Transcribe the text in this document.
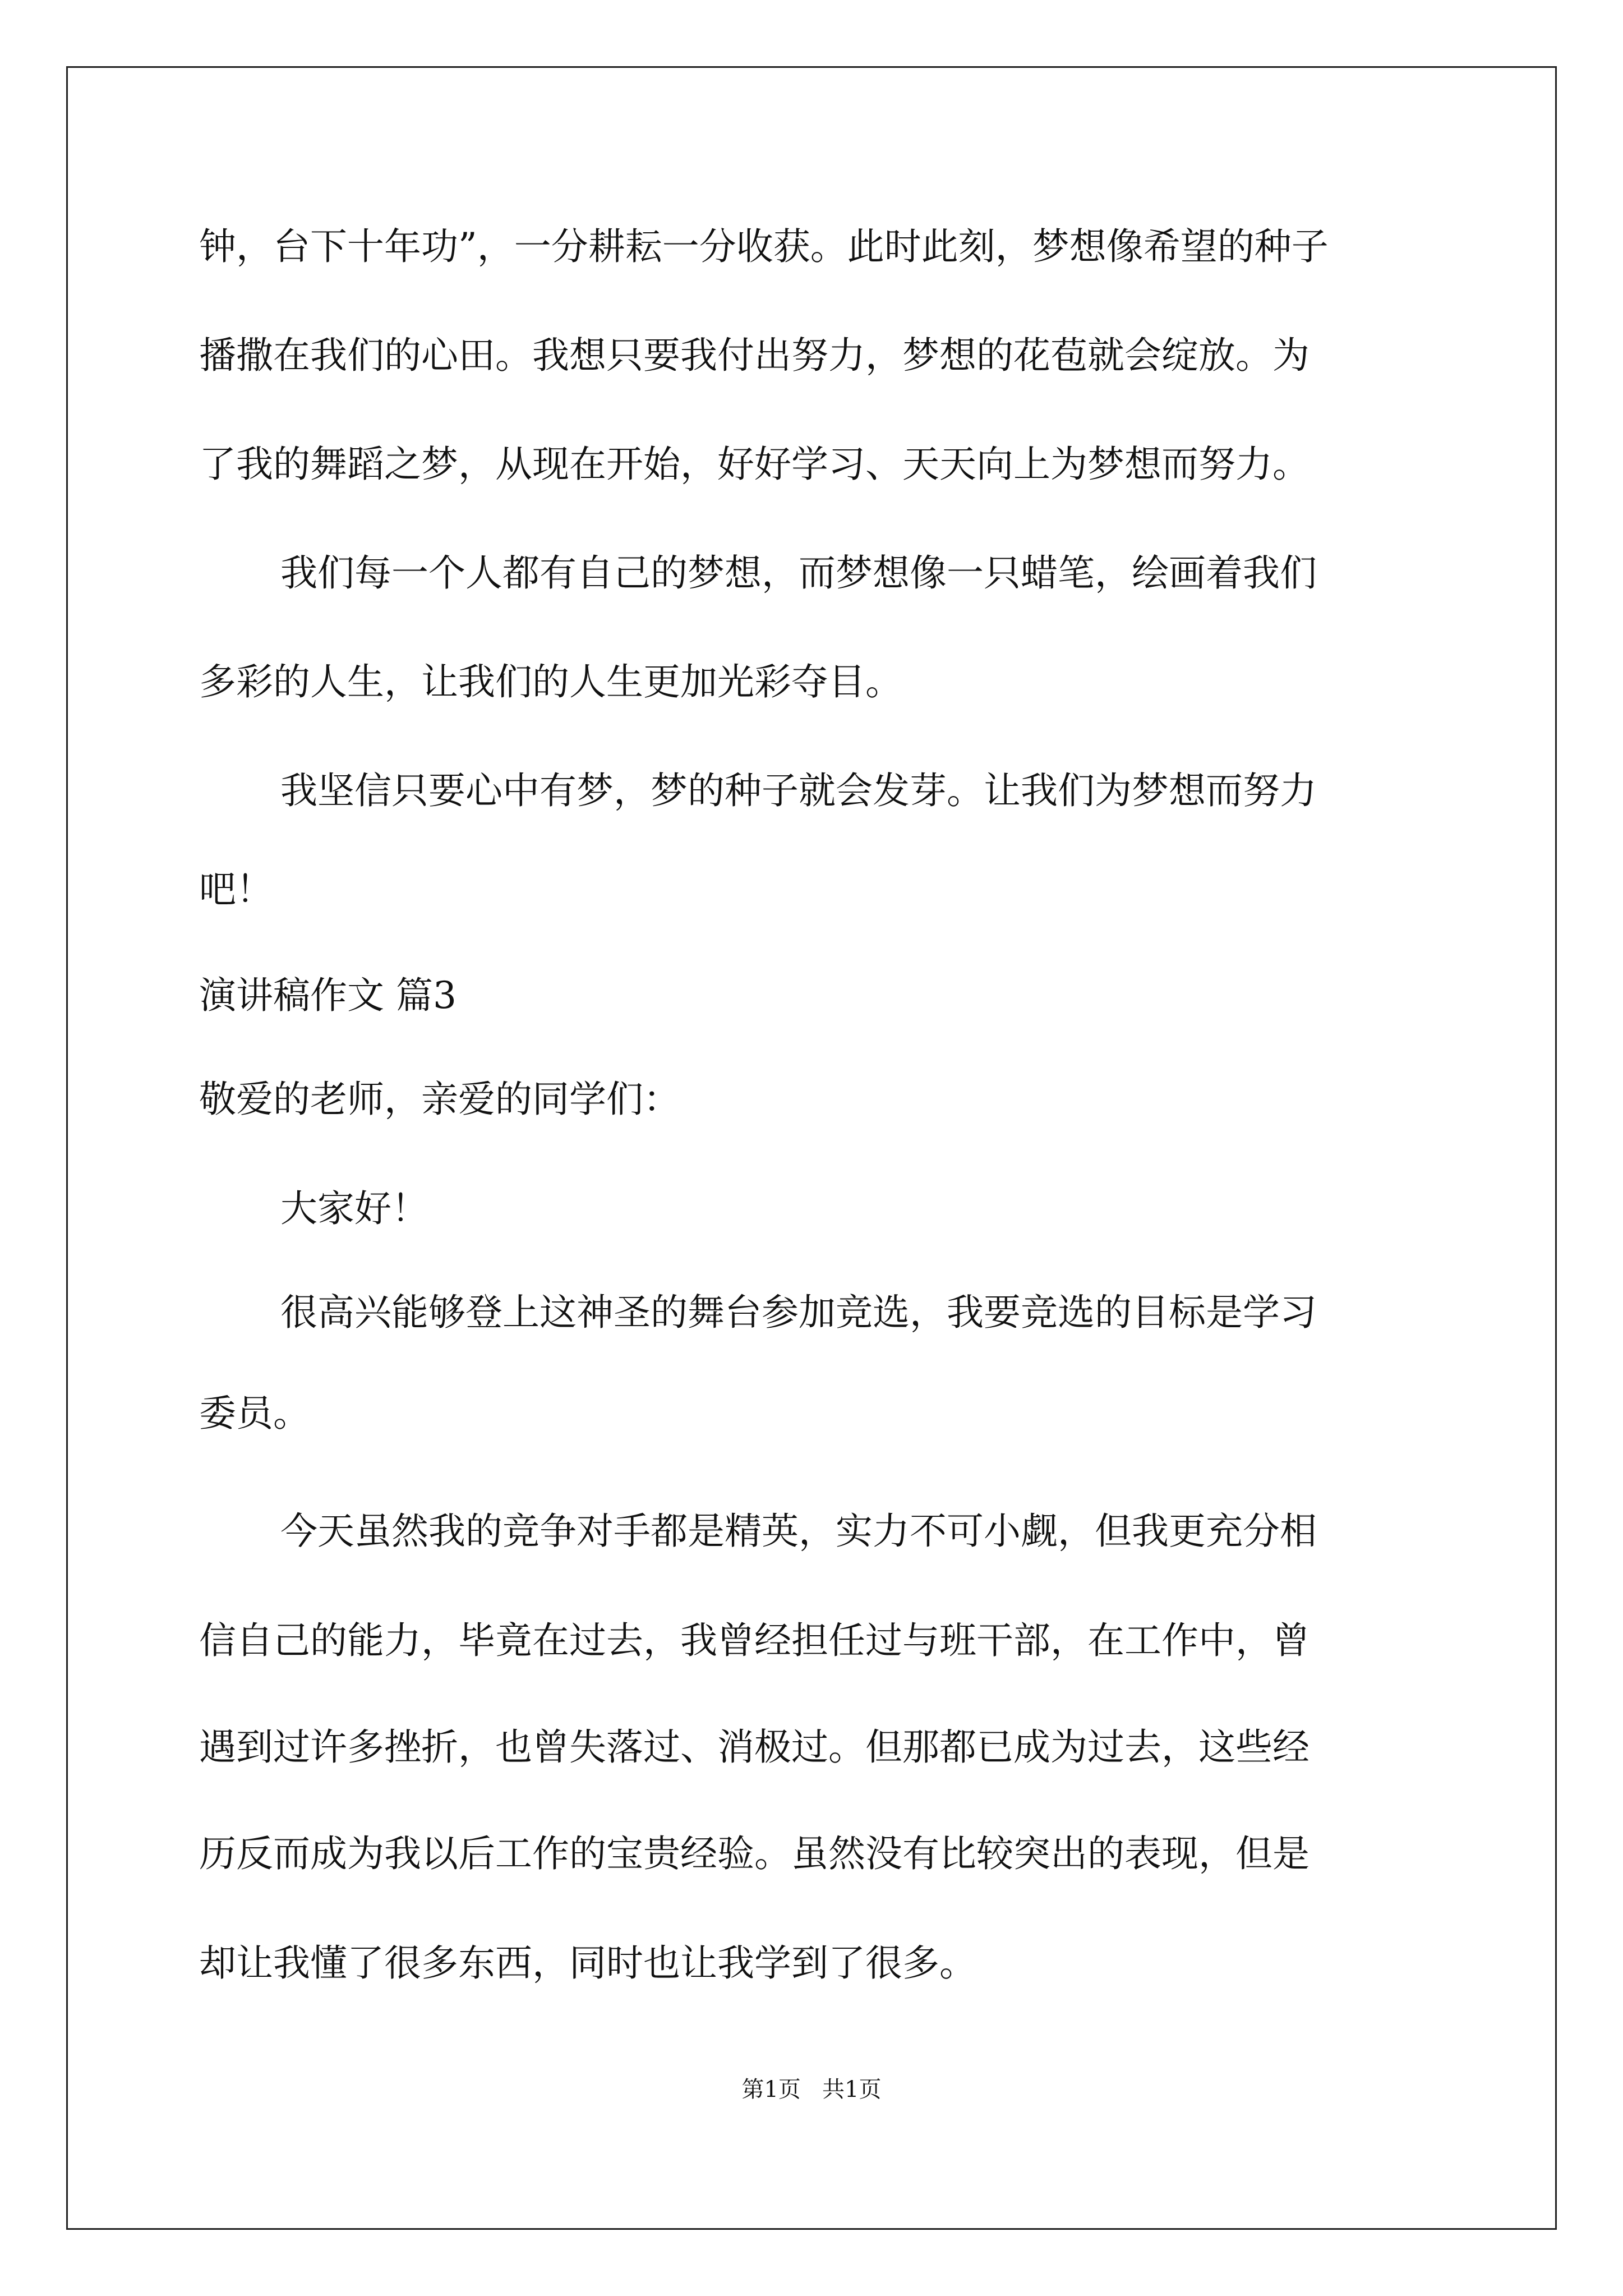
钟，台下十年功”，一分耕耘一分收获。此时此刻，梦想像希望的种子
播撒在我们的心田。我想只要我付出努力，梦想的花苞就会绽放。为
了我的舞蹈之梦，从现在开始，好好学习、天天向上为梦想而努力。
我们每一个人都有自己的梦想，而梦想像一只蜡笔，绘画着我们
多彩的人生，让我们的人生更加光彩夺目。
我坚信只要心中有梦，梦的种子就会发芽。让我们为梦想而努力
吧！
演讲稿作文 篇3
敬爱的老师，亲爱的同学们：
大家好！
很高兴能够登上这神圣的舞台参加竞选，我要竞选的目标是学习
委员。
今天虽然我的竞争对手都是精英，实力不可小觑，但我更充分相
信自己的能力，毕竟在过去，我曾经担任过与班干部，在工作中，曾
遇到过许多挫折，也曾失落过、消极过。但那都已成为过去，这些经
历反而成为我以后工作的宝贵经验。虽然没有比较突出的表现，但是
却让我懂了很多东西，同时也让我学到了很多。
第1页   共1页
